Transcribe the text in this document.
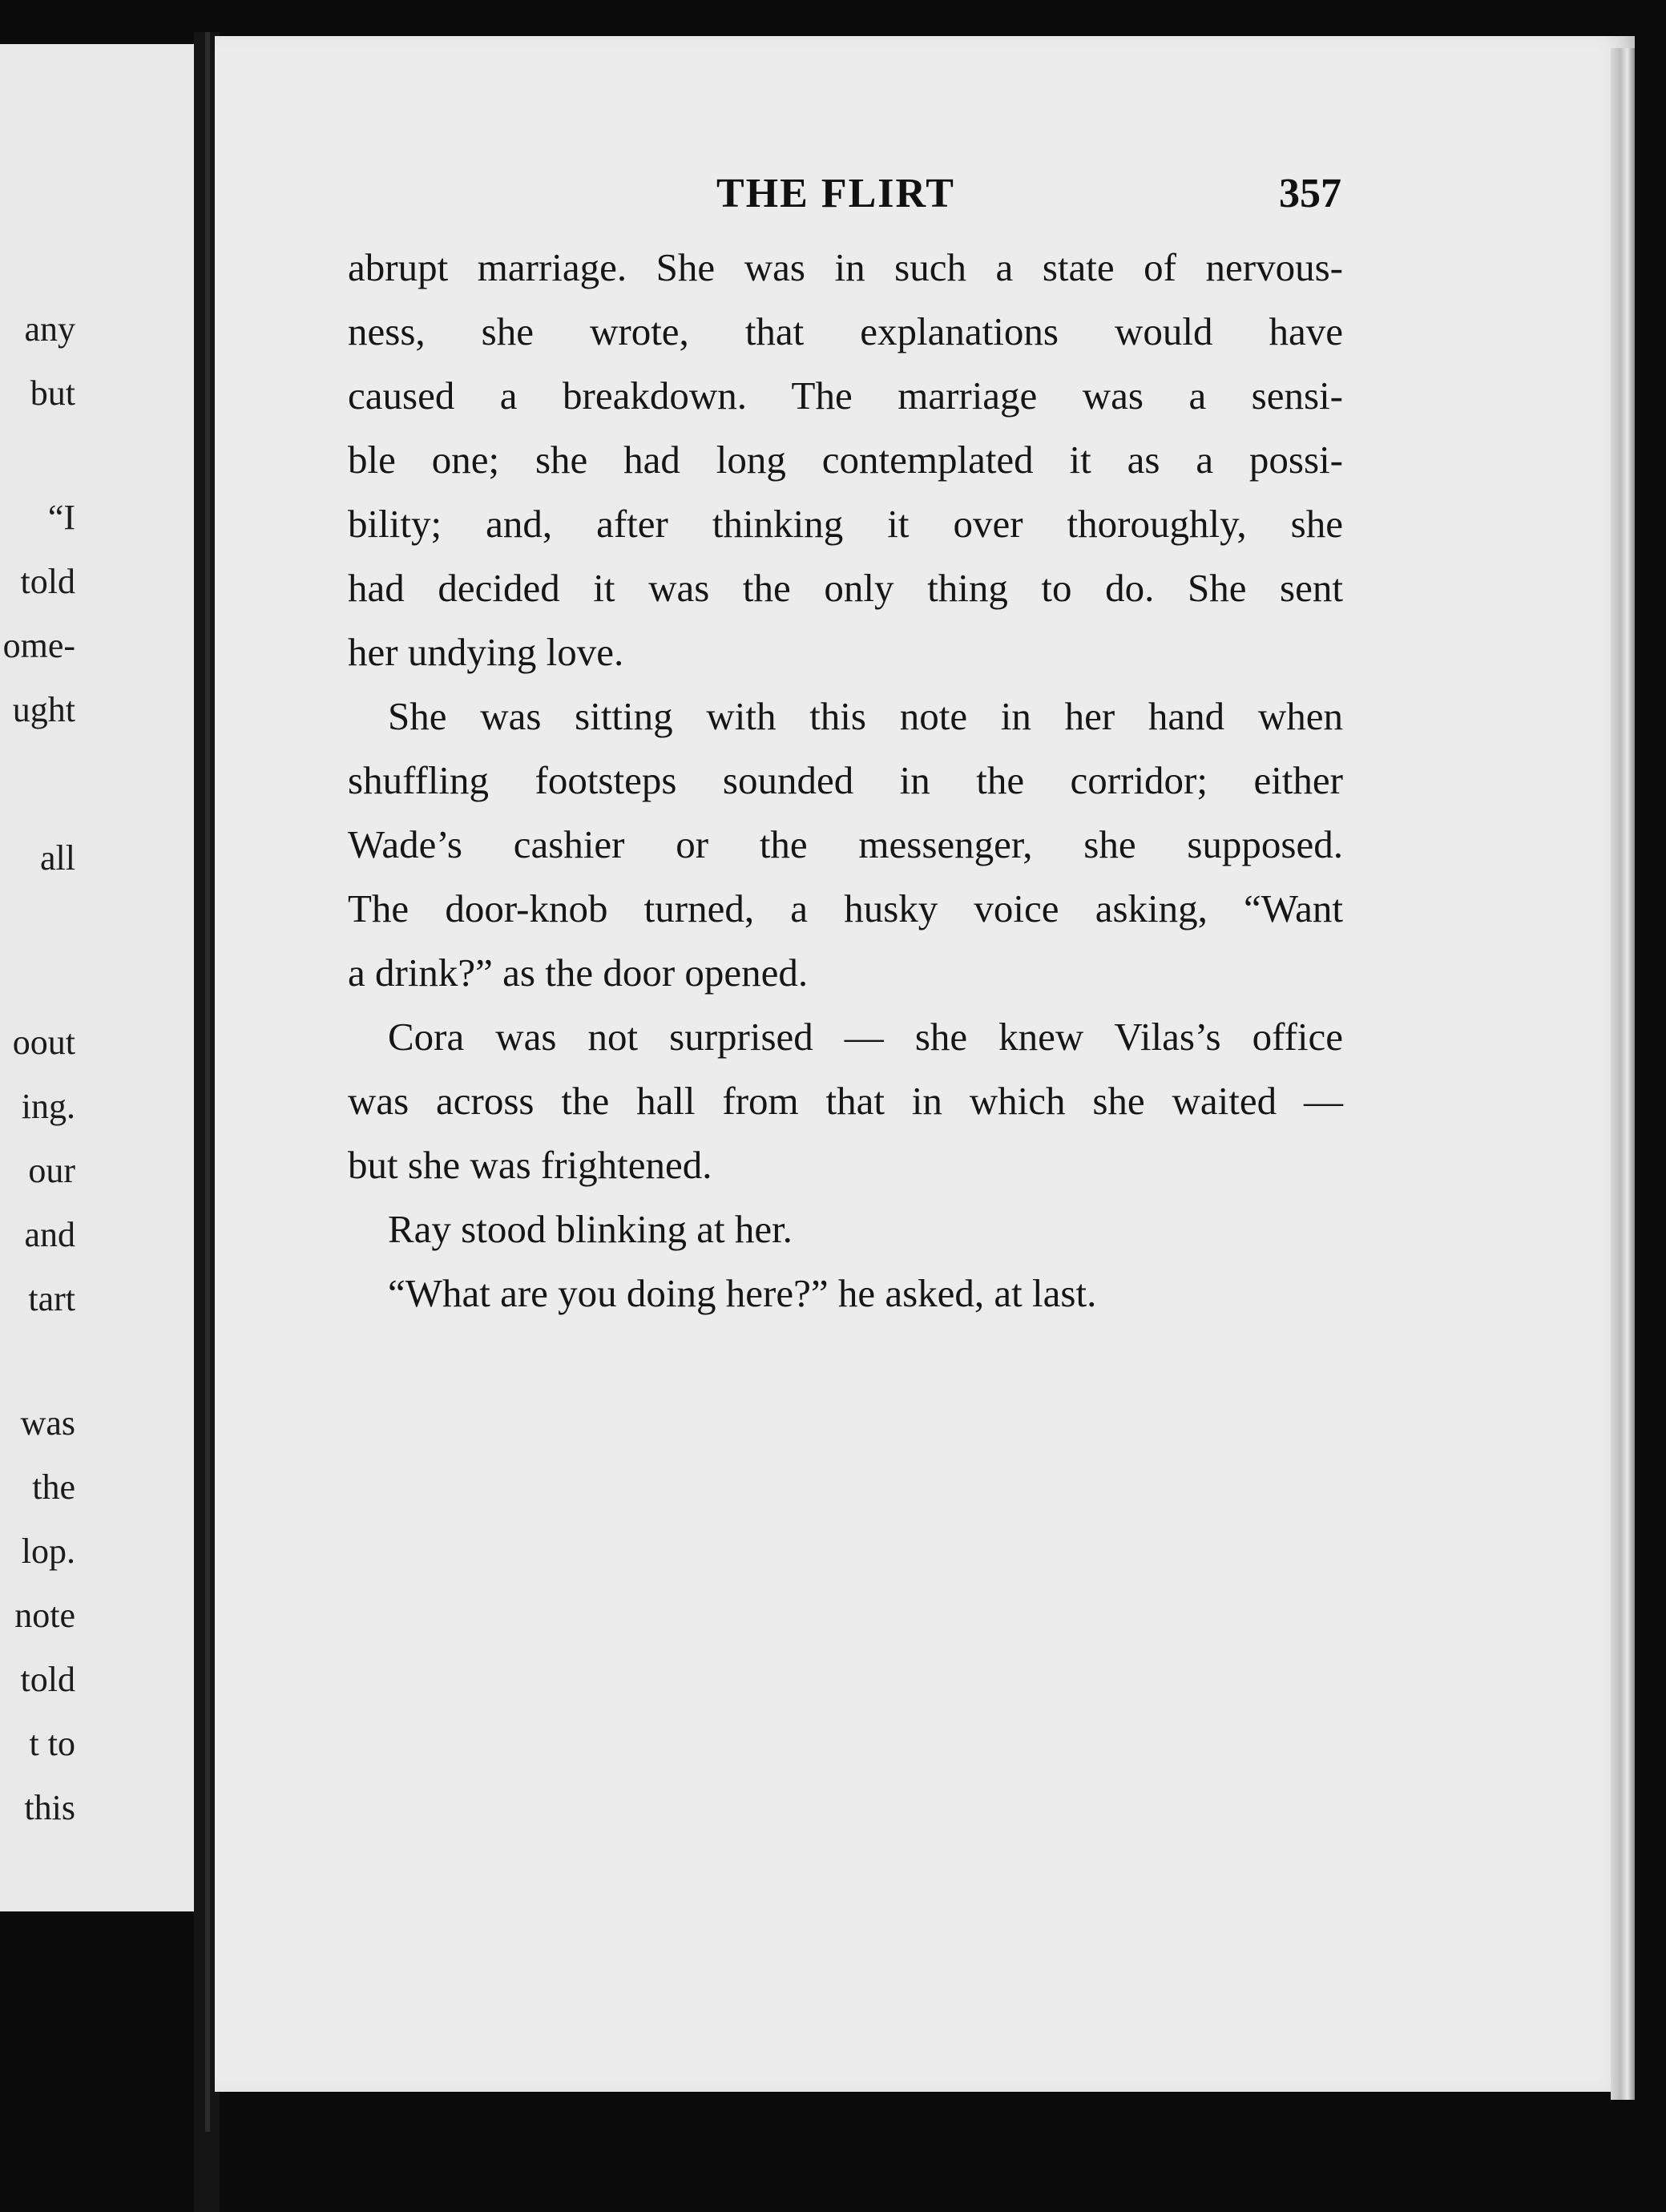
any
but
“I
told
ome-
ught
all
oout
ing.
our
and
tart
was
the
lop.
note
told
t to
this
THE FLIRT	357
abrupt marriage. She was in such a state of nervous-
ness, she wrote, that explanations would have
caused a breakdown. The marriage was a sensi-
ble one; she had long contemplated it as a possi-
bility; and, after thinking it over thoroughly, she
had decided it was the only thing to do. She sent
her undying love.
She was sitting with this note in her hand when
shuffling footsteps sounded in the corridor; either
Wade’s cashier or the messenger, she supposed.
The door-knob turned, a husky voice asking, “Want
a drink?” as the door opened.
Cora was not surprised — she knew Vilas’s office
was across the hall from that in which she waited —
but she was frightened.
Ray stood blinking at her.
“What are you doing here?” he asked, at last.
